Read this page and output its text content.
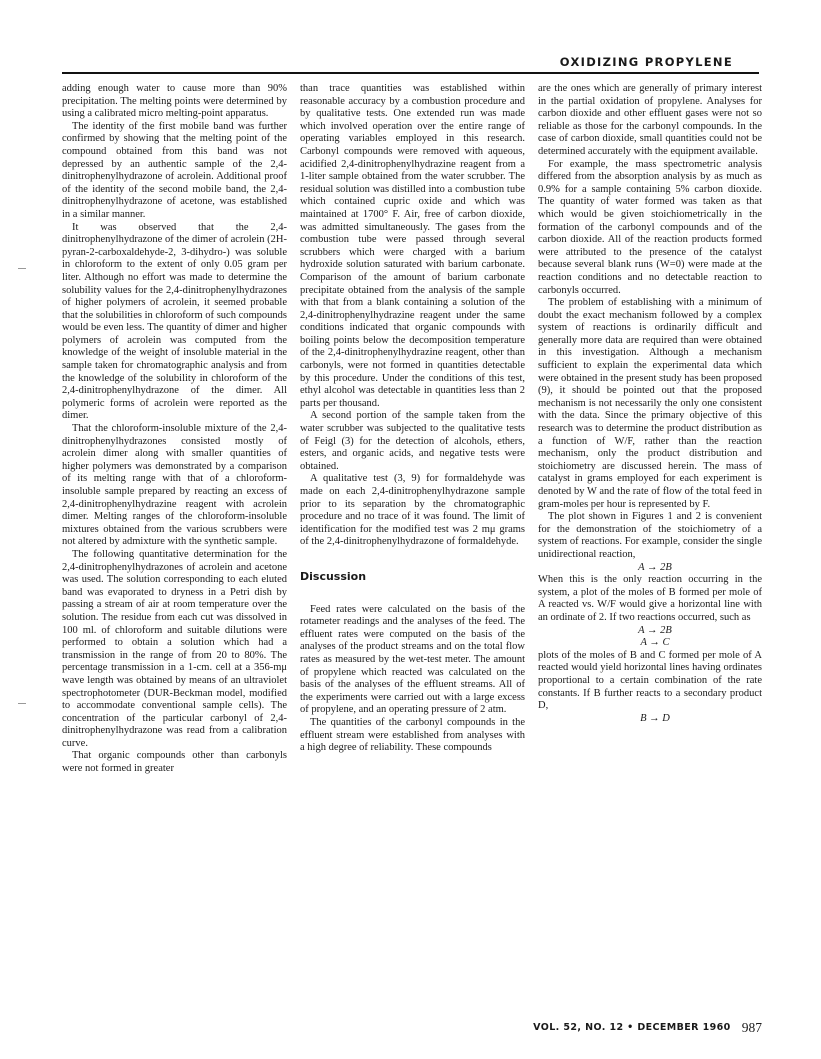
OXIDIZING PROPYLENE

adding enough water to cause more than 90% precipitation. The melting points were determined by using a calibrated micro melting-point apparatus.

The identity of the first mobile band was further confirmed by showing that the melting point of the compound obtained from this band was not depressed by an authentic sample of the 2,4-dinitrophenylhydrazone of acrolein. Additional proof of the identity of the second mobile band, the 2,4-dinitrophenylhydrazone of acetone, was established in a similar manner.

It was observed that the 2,4-dinitrophenylhydrazone of the dimer of acrolein (2H-pyran-2-carboxaldehyde-2, 3-dihydro-) was soluble in chloroform to the extent of only 0.05 gram per liter. Although no effort was made to determine the solubility values for the 2,4-dinitrophenylhydrazones of higher polymers of acrolein, it seemed probable that the solubilities in chloroform of such compounds would be even less. The quantity of dimer and higher polymers of acrolein was computed from the knowledge of the weight of insoluble material in the sample taken for chromatographic analysis and from the knowledge of the solubility in chloroform of the 2,4-dinitrophenylhydrazone of the dimer. All polymeric forms of acrolein were reported as the dimer.

That the chloroform-insoluble mixture of the 2,4-dinitrophenylhydrazones consisted mostly of acrolein dimer along with smaller quantities of higher polymers was demonstrated by a comparison of its melting range with that of a chloroform-insoluble sample prepared by reacting an excess of 2,4-dinitrophenylhydrazine reagent with acrolein dimer. Melting ranges of the chloroform-insoluble mixtures obtained from the various scrubbers were not altered by admixture with the synthetic sample.

The following quantitative determination for the 2,4-dinitrophenylhydrazones of acrolein and acetone was used. The solution corresponding to each eluted band was evaporated to dryness in a Petri dish by passing a stream of air at room temperature over the solution. The residue from each cut was dissolved in 100 ml. of chloroform and suitable dilutions were performed to obtain a solution which had a transmission in the range of from 20 to 80%. The percentage transmission in a 1-cm. cell at a 356-mμ wave length was obtained by means of an ultraviolet spectrophotometer (DUR-Beckman model, modified to accommodate conventional sample cells). The concentration of the particular carbonyl of 2,4-dinitrophenylhydrazone was read from a calibration curve.

That organic compounds other than carbonyls were not formed in greater

than trace quantities was established within reasonable accuracy by a combustion procedure and by qualitative tests. One extended run was made which involved operation over the entire range of operating variables employed in this research. Carbonyl compounds were removed with aqueous, acidified 2,4-dinitrophenylhydrazine reagent from a 1-liter sample obtained from the water scrubber. The residual solution was distilled into a combustion tube which contained cupric oxide and which was maintained at 1700° F. Air, free of carbon dioxide, was admitted simultaneously. The gases from the combustion tube were passed through several scrubbers which were charged with a barium hydroxide solution saturated with barium carbonate. Comparison of the amount of barium carbonate precipitate obtained from the analysis of the sample with that from a blank containing a solution of the 2,4-dinitrophenylhydrazine reagent under the same conditions indicated that organic compounds with boiling points below the decomposition temperature of the 2,4-dinitrophenylhydrazine reagent, other than carbonyls, were not formed in quantities detectable by this procedure. Under the conditions of this test, ethyl alcohol was detectable in quantities less than 2 parts per thousand.

A second portion of the sample taken from the water scrubber was subjected to the qualitative tests of Feigl (3) for the detection of alcohols, ethers, esters, and organic acids, and negative tests were obtained.

A qualitative test (3, 9) for formaldehyde was made on each 2,4-dinitrophenylhydrazone sample prior to its separation by the chromatographic procedure and no trace of it was found. The limit of identification for the modified test was 2 mμ grams of the 2,4-dinitrophenylhydrazone of formaldehyde.

Discussion

Feed rates were calculated on the basis of the rotameter readings and the analyses of the feed. The effluent rates were computed on the basis of the analyses of the product streams and on the total flow rates as measured by the wet-test meter. The amount of propylene which reacted was calculated on the basis of the analyses of the effluent streams. All of the experiments were carried out with a large excess of propylene, and an operating pressure of 2 atm.

The quantities of the carbonyl compounds in the effluent stream were established from analyses with a high degree of reliability. These compounds

are the ones which are generally of primary interest in the partial oxidation of propylene. Analyses for carbon dioxide and other effluent gases were not so reliable as those for the carbonyl compounds. In the case of carbon dioxide, small quantities could not be determined accurately with the equipment available.

For example, the mass spectrometric analysis differed from the absorption analysis by as much as 0.9% for a sample containing 5% carbon dioxide. The quantity of water formed was taken as that which would be given stoichiometrically in the formation of the carbonyl compounds and of the carbon dioxide. All of the reaction products formed were attributed to the presence of the catalyst because several blank runs (W=0) were made at the reaction conditions and no detectable reaction to carbonyls occurred.

The problem of establishing with a minimum of doubt the exact mechanism followed by a complex system of reactions is ordinarily difficult and generally more data are required than were obtained in this investigation. Although a mechanism sufficient to explain the experimental data which were obtained in the present study has been proposed (9), it should be pointed out that the proposed mechanism is not necessarily the only one consistent with the data. Since the primary objective of this research was to determine the product distribution as a function of W/F, rather than the reaction mechanism, only the product distribution and stoichiometry are discussed herein. The mass of catalyst in grams employed for each experiment is denoted by W and the rate of flow of the total feed in gram-moles per hour is represented by F.

The plot shown in Figures 1 and 2 is convenient for the demonstration of the stoichiometry of a system of reactions. For example, consider the single unidirectional reaction,

A → 2B

When this is the only reaction occurring in the system, a plot of the moles of B formed per mole of A reacted vs. W/F would give a horizontal line with an ordinate of 2. If two reactions occurred, such as

A → 2B

A → C

plots of the moles of B and C formed per mole of A reacted would yield horizontal lines having ordinates proportional to a certain combination of the rate constants. If B further reacts to a secondary product D,

B → D

VOL. 52, NO. 12 • DECEMBER 1960 987
